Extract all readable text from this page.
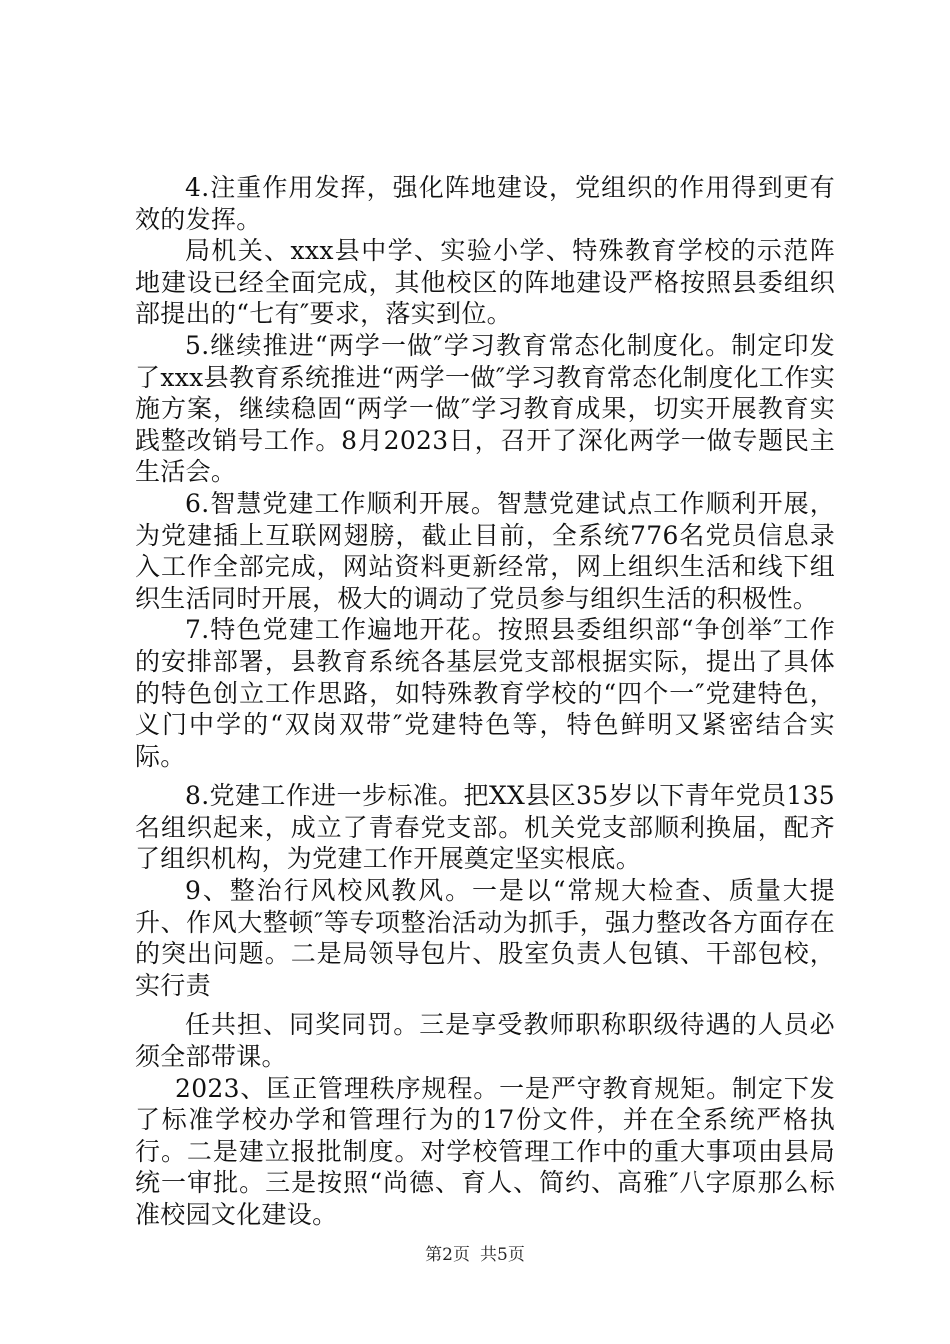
4.注重作用发挥，强化阵地建设，党组织的作用得到更有效的发挥。

局机关、xxx县中学、实验小学、特殊教育学校的示范阵地建设已经全面完成，其他校区的阵地建设严格按照县委组织部提出的“七有″要求，落实到位。

5.继续推进“两学一做″学习教育常态化制度化。制定印发了xxx县教育系统推进“两学一做″学习教育常态化制度化工作实施方案，继续稳固“两学一做″学习教育成果，切实开展教育实践整改销号工作。8月2023日，召开了深化两学一做专题民主生活会。

6.智慧党建工作顺利开展。智慧党建试点工作顺利开展，为党建插上互联网翅膀，截止目前，全系统776名党员信息录入工作全部完成，网站资料更新经常，网上组织生活和线下组织生活同时开展，极大的调动了党员参与组织生活的积极性。

7.特色党建工作遍地开花。按照县委组织部“争创举″工作的安排部署，县教育系统各基层党支部根据实际，提出了具体的特色创立工作思路，如特殊教育学校的“四个一″党建特色，义门中学的“双岗双带″党建特色等，特色鲜明又紧密结合实际。

8.党建工作进一步标准。把XX县区35岁以下青年党员135名组织起来，成立了青春党支部。机关党支部顺利换届，配齐了组织机构，为党建工作开展奠定坚实根底。

9、整治行风校风教风。一是以“常规大检查、质量大提升、作风大整顿″等专项整治活动为抓手，强力整改各方面存在的突出问题。二是局领导包片、股室负责人包镇、干部包校，实行责

任共担、同奖同罚。三是享受教师职称职级待遇的人员必须全部带课。

2023、匡正管理秩序规程。一是严守教育规矩。制定下发了标准学校办学和管理行为的17份文件，并在全系统严格执行。二是建立报批制度。对学校管理工作中的重大事项由县局统一审批。三是按照“尚德、育人、简约、高雅″八字原那么标准校园文化建设。

第2页 共5页
